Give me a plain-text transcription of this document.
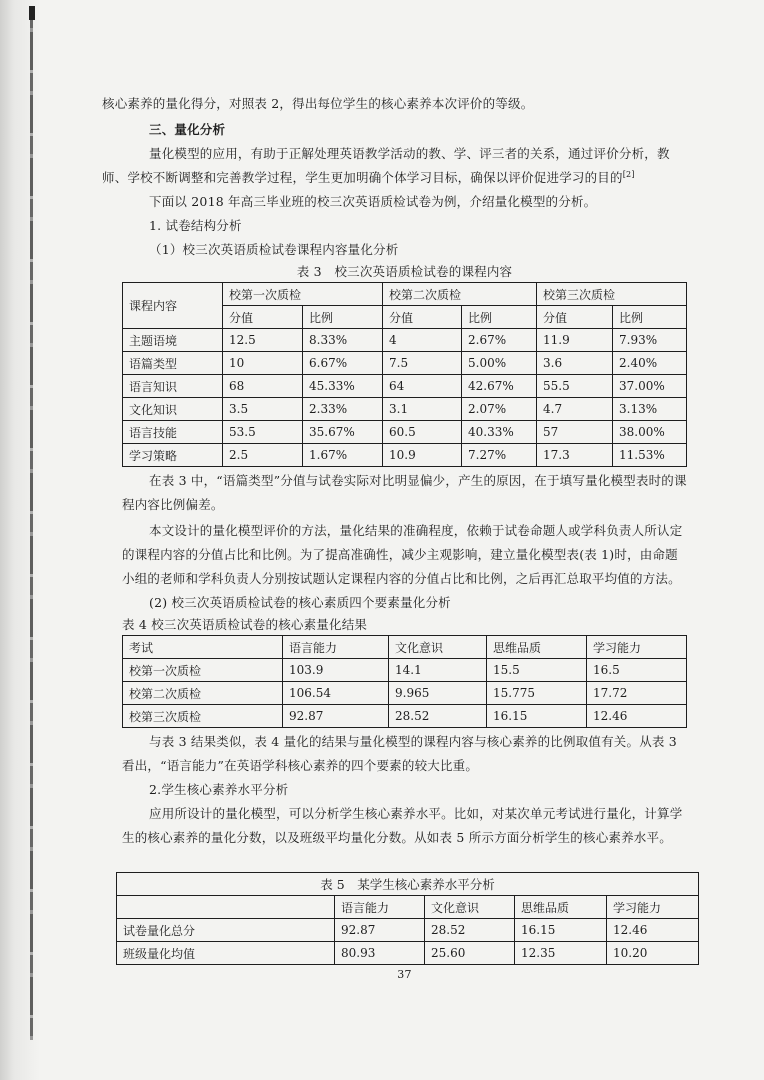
核心素养的量化得分，对照表 2，得出每位学生的核心素养本次评价的等级。

三、量化分析

量化模型的应用，有助于正解处理英语教学活动的教、学、评三者的关系，通过评价分析，教师、学校不断调整和完善教学过程，学生更加明确个体学习目标，确保以评价促进学习的目的[2]

下面以 2018 年高三毕业班的校三次英语质检试卷为例，介绍量化模型的分析。

1. 试卷结构分析

（1）校三次英语质检试卷课程内容量化分析

表 3　校三次英语质检试卷的课程内容

课程内容	校第一次质检		校第二次质检		校第三次质检	
	分值	比例	分值	比例	分值	比例
主题语境	12.5	8.33%	4	2.67%	11.9	7.93%
语篇类型	10	6.67%	7.5	5.00%	3.6	2.40%
语言知识	68	45.33%	64	42.67%	55.5	37.00%
文化知识	3.5	2.33%	3.1	2.07%	4.7	3.13%
语言技能	53.5	35.67%	60.5	40.33%	57	38.00%
学习策略	2.5	1.67%	10.9	7.27%	17.3	11.53%

在表 3 中，“语篇类型”分值与试卷实际对比明显偏少，产生的原因，在于填写量化模型表时的课程内容比例偏差。

本文设计的量化模型评价的方法，量化结果的准确程度，依赖于试卷命题人或学科负责人所认定的课程内容的分值占比和比例。为了提高准确性，减少主观影响，建立量化模型表(表 1)时，由命题小组的老师和学科负责人分别按试题认定课程内容的分值占比和比例，之后再汇总取平均值的方法。

(2) 校三次英语质检试卷的核心素质四个要素量化分析

表 4 校三次英语质检试卷的核心素量化结果

考试	语言能力	文化意识	思维品质	学习能力
校第一次质检	103.9	14.1	15.5	16.5
校第二次质检	106.54	9.965	15.775	17.72
校第三次质检	92.87	28.52	16.15	12.46

与表 3 结果类似，表 4 量化的结果与量化模型的课程内容与核心素养的比例取值有关。从表 3 看出，“语言能力”在英语学科核心素养的四个要素的较大比重。

2.学生核心素养水平分析

应用所设计的量化模型，可以分析学生核心素养水平。比如，对某次单元考试进行量化，计算学生的核心素养的量化分数，以及班级平均量化分数。从如表 5 所示方面分析学生的核心素养水平。

表 5　某学生核心素养水平分析				
	语言能力	文化意识	思维品质	学习能力
试卷量化总分	92.87	28.52	16.15	12.46
班级量化均值	80.93	25.60	12.35	10.20

37
